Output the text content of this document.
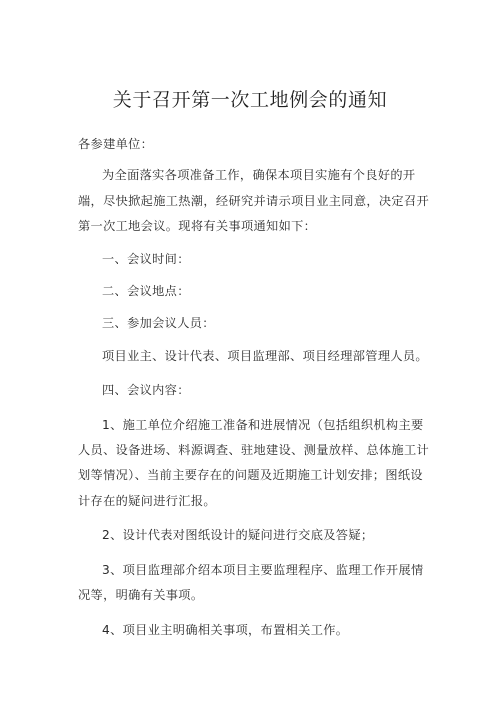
关于召开第一次工地例会的通知

各参建单位：

为全面落实各项准备工作，确保本项目实施有个良好的开端，尽快掀起施工热潮，经研究并请示项目业主同意，决定召开第一次工地会议。现将有关事项通知如下：

一、会议时间：

二、会议地点：

三、参加会议人员：

项目业主、设计代表、项目监理部、项目经理部管理人员。

四、会议内容：

1、施工单位介绍施工准备和进展情况（包括组织机构主要人员、设备进场、料源调查、驻地建设、测量放样、总体施工计划等情况）、当前主要存在的问题及近期施工计划安排；图纸设计存在的疑问进行汇报。

2、设计代表对图纸设计的疑问进行交底及答疑；

3、项目监理部介绍本项目主要监理程序、监理工作开展情况等，明确有关事项。

4、项目业主明确相关事项，布置相关工作。
